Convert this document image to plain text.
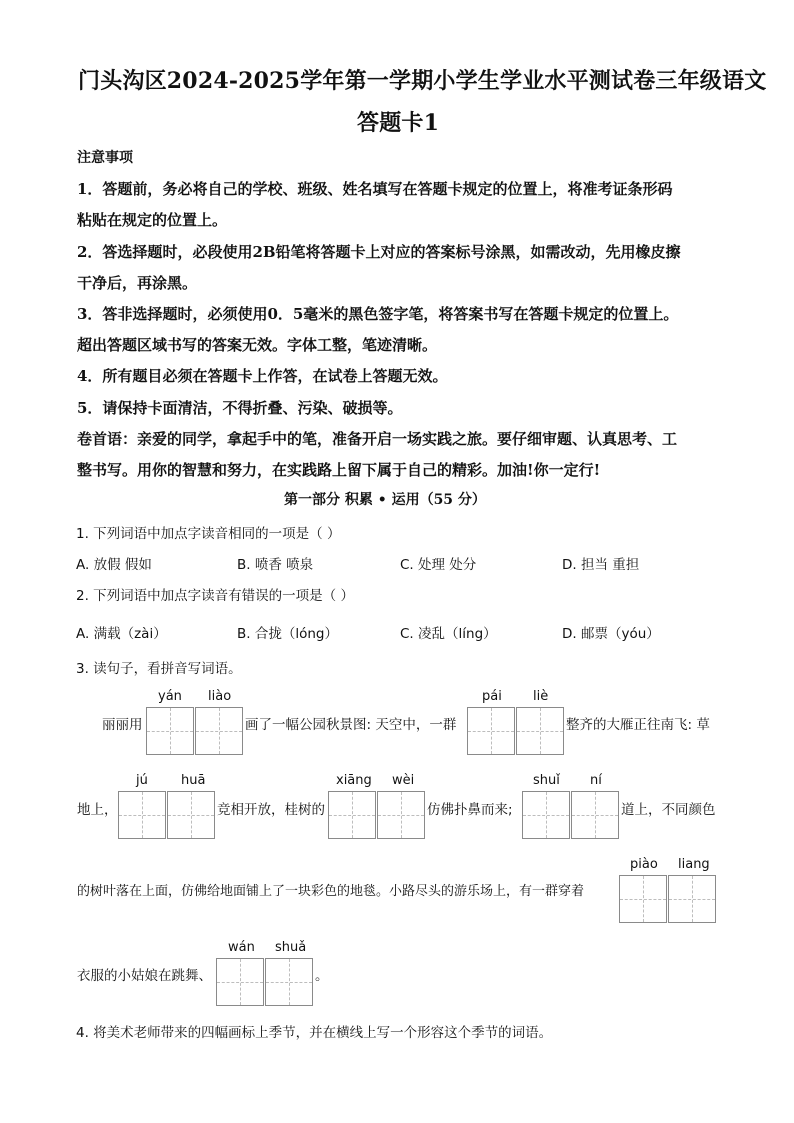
门头沟区2024-2025学年第一学期小学生学业水平测试卷三年级语文
答题卡1
注意事项
1．答题前，务必将自己的学校、班级、姓名填写在答题卡规定的位置上，将准考证条形码
粘贴在规定的位置上。
2．答选择题时，必段使用2B铅笔将答题卡上对应的答案标号涂黑，如需改动，先用橡皮擦
干净后，再涂黑。
3．答非选择题时，必须使用0．5毫米的黑色签字笔，将答案书写在答题卡规定的位置上。
超出答题区域书写的答案无效。字体工整，笔迹清晰。
4．所有题目必须在答题卡上作答，在试卷上答题无效。
5．请保持卡面清洁，不得折叠、污染、破损等。
卷首语：亲爱的同学，拿起手中的笔，准备开启一场实践之旅。要仔细审题、认真思考、工
整书写。用你的智慧和努力，在实践路上留下属于自己的精彩。加油!你一定行!
第一部分 积累 • 运用（55 分）
1. 下列词语中加点字读音相同的一项是（ ）
A. 放假 假如	B. 喷香 喷泉	C. 处理 处分	D. 担当 重担
2. 下列词语中加点字读音有错误的一项是（ ）
A. 满载（zài）	B. 合拢（lóng）	C. 凌乱（líng）	D. 邮票（yóu）
3. 读句子，看拼音写词语。
yán liào	pái liè
丽丽用	画了一幅公园秋景图: 天空中，一群	整齐的大雁正往南飞: 草
jú	huā	xiāng wèi	shuǐ ní
地上，	竞相开放，桂树的	仿佛扑鼻而来;	道上，不同颜色
piào liang
的树叶落在上面，仿佛给地面铺上了一块彩色的地毯。小路尽头的游乐场上，有一群穿着
wán shuǎ
衣服的小姑娘在跳舞、	。
4. 将美术老师带来的四幅画标上季节，并在横线上写一个形容这个季节的词语。
